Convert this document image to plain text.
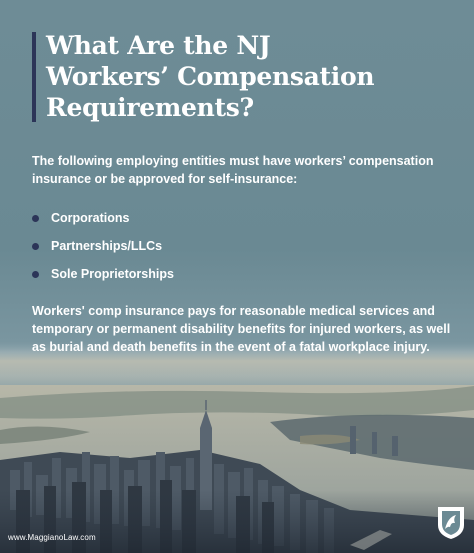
What Are the NJ
Workers’ Compensation
Requirements?

The following employing entities must have workers’ compensation insurance or be approved for self-insurance:

Corporations
Partnerships/LLCs
Sole Proprietorships

Workers' comp insurance pays for reasonable medical services and temporary or permanent disability benefits for injured workers, as well as burial and death benefits in the event of a fatal workplace injury.

www.MaggianoLaw.com
